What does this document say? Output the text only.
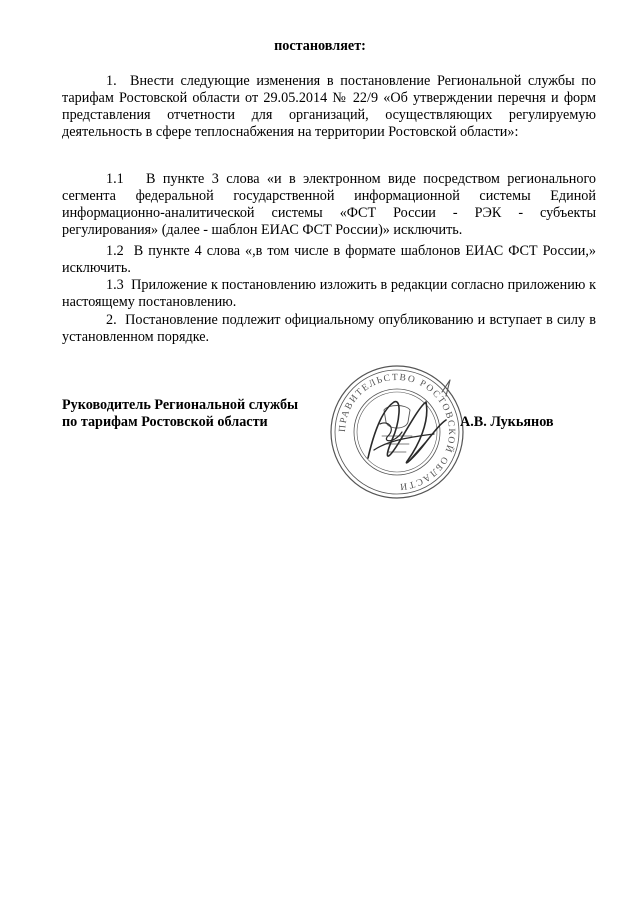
постановляет:

1. Внести следующие изменения в постановление Региональной службы по тарифам Ростовской области от 29.05.2014 № 22/9 «Об утверждении перечня и форм представления отчетности для организаций, осуществляющих регулируемую деятельность в сфере теплоснабжения на территории Ростовской области»:

1.1 В пункте 3 слова «и в электронном виде посредством регионального сегмента федеральной государственной информационной системы Единой информационно-аналитической системы «ФСТ России - РЭК - субъекты регулирования» (далее - шаблон ЕИАС ФСТ России)» исключить.

1.2 В пункте 4 слова «,в том числе в формате шаблонов ЕИАС ФСТ России,» исключить.

1.3 Приложение к постановлению изложить в редакции согласно приложению к настоящему постановлению.

2. Постановление подлежит официальному опубликованию и вступает в силу в установленном порядке.

Руководитель Региональной службы
по тарифам Ростовской области	ПРАВИТЕЛЬСТВО РОСТОВСКОЙ ОБЛАСТИ
А.В. Лукьянов
